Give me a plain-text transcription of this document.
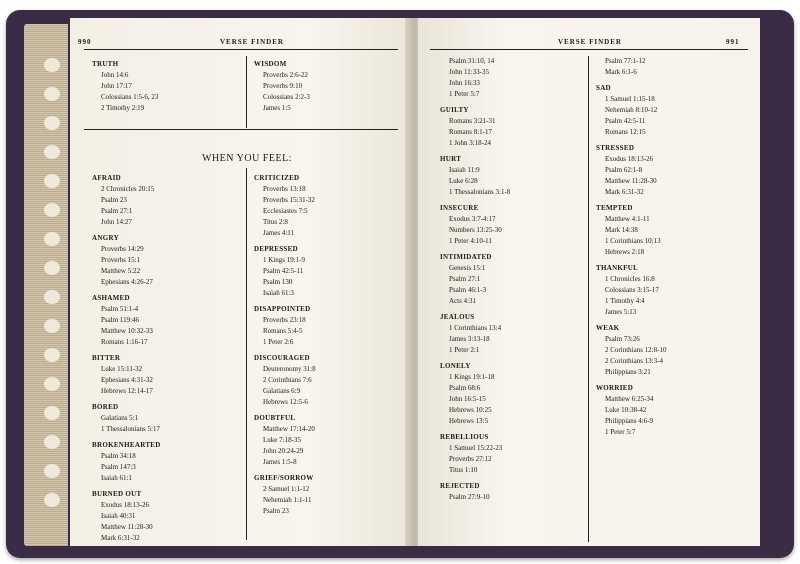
990	VERSE FINDER
TRUTH
John 14:6
John 17:17
Colossians 1:5-6, 23
2 Timothy 2:19
WISDOM
Proverbs 2:6-22
Proverbs 9:10
Colossians 2:2-3
James 1:5
WHEN YOU FEEL:
AFRAID
2 Chronicles 20:15
Psalm 23
Psalm 27:1
John 14:27
ANGRY
Proverbs 14:29
Proverbs 15:1
Matthew 5:22
Ephesians 4:26-27
ASHAMED
Psalm 51:1-4
Psalm 119:46
Matthew 10:32-33
Romans 1:16-17
BITTER
Luke 15:11-32
Ephesians 4:31-32
Hebrews 12:14-17
BORED
Galatians 5:1
1 Thessalonians 5:17
BROKENHEARTED
Psalm 34:18
Psalm 147:3
Isaiah 61:1
BURNED OUT
Exodus 18:13-26
Isaiah 40:31
Matthew 11:28-30
Mark 6:31-32
CRITICIZED
Proverbs 13:18
Proverbs 15:31-32
Ecclesiastes 7:5
Titus 2:8
James 4:11
DEPRESSED
1 Kings 19:1-9
Psalm 42:5-11
Psalm 130
Isaiah 61:3
DISAPPOINTED
Proverbs 23:18
Romans 5:4-5
1 Peter 2:6
DISCOURAGED
Deuteronomy 31:8
2 Corinthians 7:6
Galatians 6:9
Hebrews 12:5-6
DOUBTFUL
Matthew 17:14-20
Luke 7:18-35
John 20:24-29
James 1:5-8
GRIEF/SORROW
2 Samuel 1:1-12
Nehemiah 1:1-11
Psalm 23
VERSE FINDER	991
Psalm 31:10, 14
John 11:33-35
John 16:33
1 Peter 5:7
GUILTY
Romans 3:21-31
Romans 8:1-17
1 John 3:18-24
HURT
Isaiah 11:9
Luke 6:28
1 Thessalonians 3:1-8
INSECURE
Exodus 3:7-4:17
Numbers 13:25-30
1 Peter 4:10-11
INTIMIDATED
Genesis 15:1
Psalm 27:1
Psalm 46:1-3
Acts 4:31
JEALOUS
1 Corinthians 13:4
James 3:13-18
1 Peter 2:1
LONELY
1 Kings 19:1-18
Psalm 68:6
John 16:5-15
Hebrews 10:25
Hebrews 13:5
REBELLIOUS
1 Samuel 15:22-23
Proverbs 27:12
Titus 1:10
REJECTED
Psalm 27:9-10
Psalm 77:1-12
Mark 6:1-6
SAD
1 Samuel 1:15-18
Nehemiah 8:10-12
Psalm 42:5-11
Romans 12:15
STRESSED
Exodus 18:13-26
Psalm 62:1-8
Matthew 11:28-30
Mark 6:31-32
TEMPTED
Matthew 4:1-11
Mark 14:38
1 Corinthians 10:13
Hebrews 2:18
THANKFUL
1 Chronicles 16:8
Colossians 3:15-17
1 Timothy 4:4
James 5:13
WEAK
Psalm 73:26
2 Corinthians 12:8-10
2 Corinthians 13:3-4
Philippians 3:21
WORRIED
Matthew 6:25-34
Luke 10:38-42
Philippians 4:6-9
1 Peter 5:7
